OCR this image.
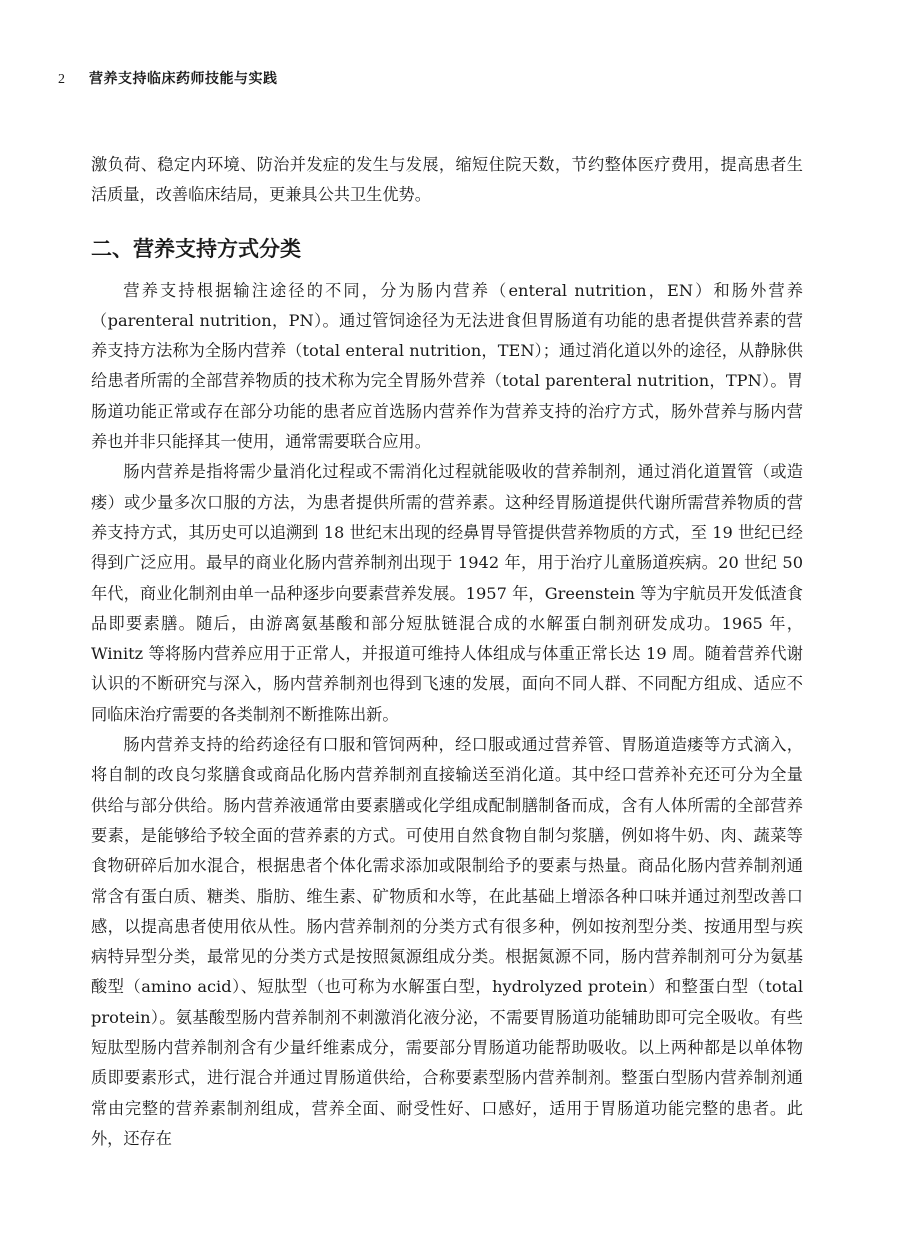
2	营养支持临床药师技能与实践

激负荷、稳定内环境、防治并发症的发生与发展，缩短住院天数，节约整体医疗费用，提高患者生活质量，改善临床结局，更兼具公共卫生优势。

二、营养支持方式分类

营养支持根据输注途径的不同，分为肠内营养（enteral nutrition，EN）和肠外营养（parenteral nutrition，PN）。通过管饲途径为无法进食但胃肠道有功能的患者提供营养素的营养支持方法称为全肠内营养（total enteral nutrition，TEN）；通过消化道以外的途径，从静脉供给患者所需的全部营养物质的技术称为完全胃肠外营养（total parenteral nutrition，TPN）。胃肠道功能正常或存在部分功能的患者应首选肠内营养作为营养支持的治疗方式，肠外营养与肠内营养也并非只能择其一使用，通常需要联合应用。

肠内营养是指将需少量消化过程或不需消化过程就能吸收的营养制剂，通过消化道置管（或造瘘）或少量多次口服的方法，为患者提供所需的营养素。这种经胃肠道提供代谢所需营养物质的营养支持方式，其历史可以追溯到 18 世纪末出现的经鼻胃导管提供营养物质的方式，至 19 世纪已经得到广泛应用。最早的商业化肠内营养制剂出现于 1942 年，用于治疗儿童肠道疾病。20 世纪 50 年代，商业化制剂由单一品种逐步向要素营养发展。1957 年，Greenstein 等为宇航员开发低渣食品即要素膳。随后，由游离氨基酸和部分短肽链混合成的水解蛋白制剂研发成功。1965 年，Winitz 等将肠内营养应用于正常人，并报道可维持人体组成与体重正常长达 19 周。随着营养代谢认识的不断研究与深入，肠内营养制剂也得到飞速的发展，面向不同人群、不同配方组成、适应不同临床治疗需要的各类制剂不断推陈出新。

肠内营养支持的给药途径有口服和管饲两种，经口服或通过营养管、胃肠道造瘘等方式滴入，将自制的改良匀浆膳食或商品化肠内营养制剂直接输送至消化道。其中经口营养补充还可分为全量供给与部分供给。肠内营养液通常由要素膳或化学组成配制膳制备而成，含有人体所需的全部营养要素，是能够给予较全面的营养素的方式。可使用自然食物自制匀浆膳，例如将牛奶、肉、蔬菜等食物研碎后加水混合，根据患者个体化需求添加或限制给予的要素与热量。商品化肠内营养制剂通常含有蛋白质、糖类、脂肪、维生素、矿物质和水等，在此基础上增添各种口味并通过剂型改善口感，以提高患者使用依从性。肠内营养制剂的分类方式有很多种，例如按剂型分类、按通用型与疾病特异型分类，最常见的分类方式是按照氮源组成分类。根据氮源不同，肠内营养制剂可分为氨基酸型（amino acid）、短肽型（也可称为水解蛋白型，hydrolyzed protein）和整蛋白型（total protein）。氨基酸型肠内营养制剂不刺激消化液分泌，不需要胃肠道功能辅助即可完全吸收。有些短肽型肠内营养制剂含有少量纤维素成分，需要部分胃肠道功能帮助吸收。以上两种都是以单体物质即要素形式，进行混合并通过胃肠道供给，合称要素型肠内营养制剂。整蛋白型肠内营养制剂通常由完整的营养素制剂组成，营养全面、耐受性好、口感好，适用于胃肠道功能完整的患者。此外，还存在
